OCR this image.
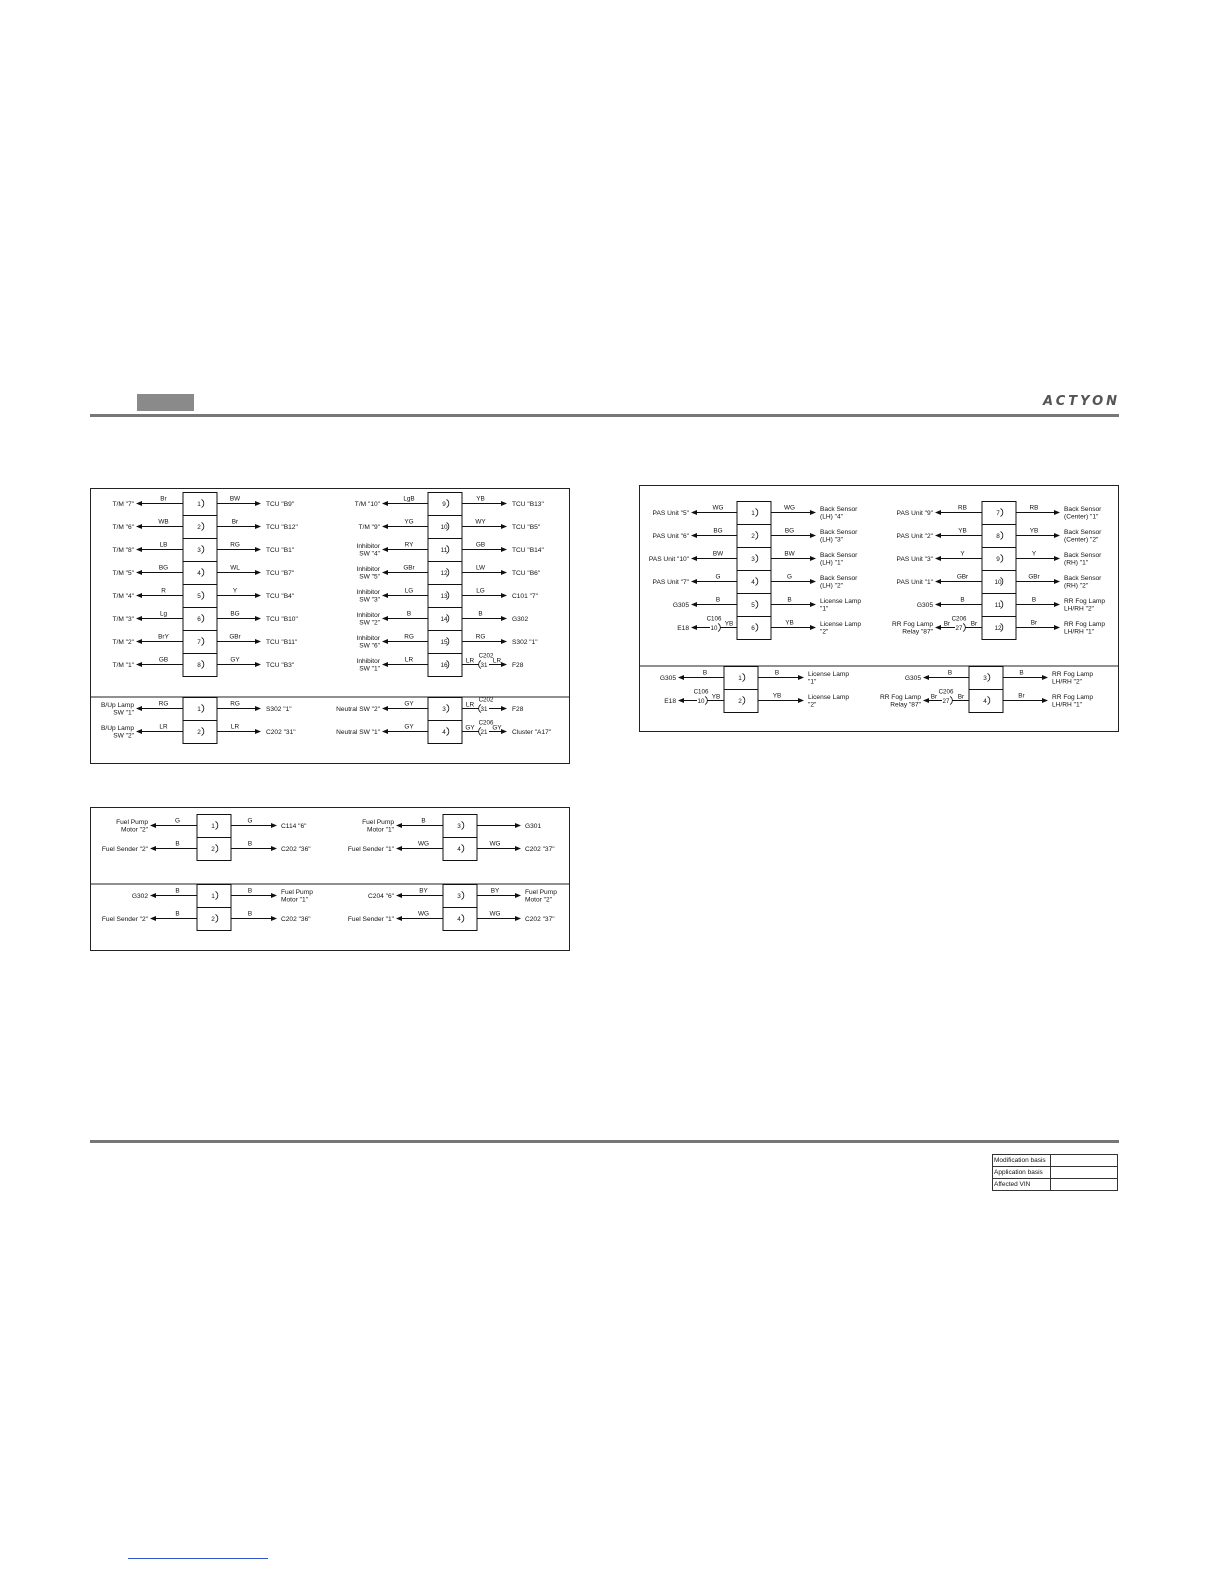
ACTYON
1
Br
T/M "7"
BW
TCU "B9"
2
WB
T/M "6"
Br
TCU "B12"
3
LB
T/M "8"
RG
TCU "B1"
4
BG
T/M "5"
WL
TCU "B7"
5
R
T/M "4"
Y
TCU "B4"
6
Lg
T/M "3"
BG
TCU "B10"
7
BrY
T/M "2"
GBr
TCU "B11"
8
GB
T/M "1"
GY
TCU "B3"
9
LgB
T/M "10"
YB
TCU "B13"
10
YG
T/M "9"
WY
TCU "B5"
11
RY
Inhibitor SW "4"
GB
TCU "B14"
12
GBr
Inhibitor SW "5"
LW
TCU "B6"
13
LG
Inhibitor SW "3"
LG
C101 "7"
14
B
Inhibitor SW "2"
B
G302
15
RG
Inhibitor SW "6"
RG
S302 "1"
16
LR
Inhibitor SW "1"
31
C202
LR	LR
F28
1
RG
B/Up Lamp SW "1"
RG
S302 "1"
2
LR
B/Up Lamp SW "2"
LR
C202 "31"
3
GY
Neutral SW "2"	31
C202
LR
F28
4
GY
Neutral SW "1"	21
C206
GY	GY
Cluster "A17"
1
G
Fuel Pump Motor "2"
G
C114 "6"
2
B
Fuel Sender "2"
B
C202 "36"
3
B
Fuel Pump Motor "1"
G301
4
WG
Fuel Sender "1"
WG
C202 "37"
1
B
G302
B	Fuel Pump Motor "1"
2
B
Fuel Sender "2"
B
C202 "36"
3
BY
C204 "6"
BY	Fuel Pump Motor "2"
4
WG
Fuel Sender "1"
WG
C202 "37"
1
WG
PAS Unit "5"
WG	Back Sensor (LH) "4"
2
BG
PAS Unit "6"
BG	Back Sensor (LH) "3"
3
BW
PAS Unit "10"
BW	Back Sensor (LH) "1"
4
G
PAS Unit "7"
G	Back Sensor (LH) "2"
5
B
G305
B	License Lamp "1"
6
10
C106
YB
E18
YB	License Lamp "2"
7
RB
PAS Unit "9"
RB	Back Sensor (Center) "1"
8
YB
PAS Unit "2"
YB	Back Sensor (Center) "2"
9
Y
PAS Unit "3"
Y	Back Sensor (RH) "1"
10
GBr
PAS Unit "1"
GBr	Back Sensor (RH) "2"
11
B
G305
B	RR Fog Lamp LH/RH "2"
12
27
C206
Br
Br
RR Fog Lamp Relay "87"
Br	RR Fog Lamp LH/RH "1"
1
B
G305
B	License Lamp "1"
2
10
C106
YB
E18
YB	License Lamp "2"
3
B
G305
B	RR Fog Lamp LH/RH "2"
4
27
C206
Br
Br
RR Fog Lamp Relay "87"
Br	RR Fog Lamp LH/RH "1"
Modification basis	
Application basis	
Affected VIN	
